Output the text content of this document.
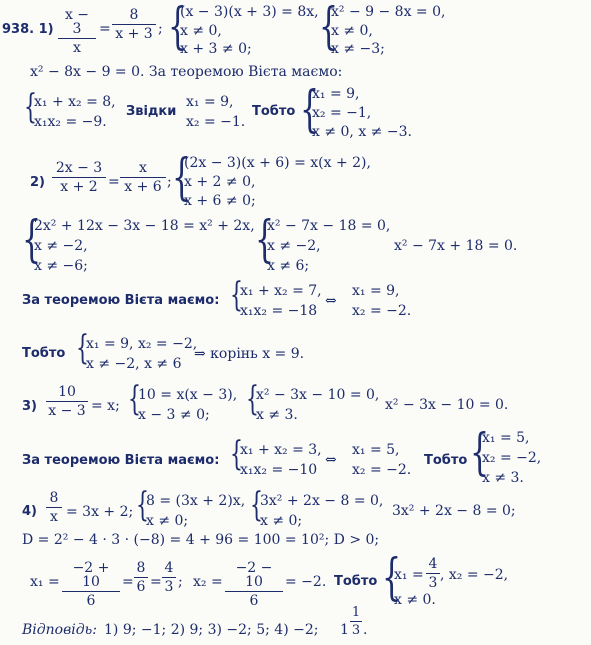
938. 1)
x − 3
x
=
8
x + 3 ; {
(x − 3)(x + 3) = 8x,
x ≠ 0,
x + 3 ≠ 0; {
x² − 9 − 8x = 0,
x ≠ 0,
x ≠ −3;
x² − 8x − 9 = 0. За теоремою Вієта маємо:
{
x₁ + x₂ = 8,
x₁x₂ = −9.
Звідки
x₁ = 9,
x₂ = −1.
Тобто {
x₁ = 9,
x₂ = −1,
x ≠ 0, x ≠ −3.
2)
2x − 3
x + 2 =
x
x + 6 ; {
(2x − 3)(x + 6) = x(x + 2),
x + 2 ≠ 0,
x + 6 ≠ 0;
{
2x² + 12x − 3x − 18 = x² + 2x,
x ≠ −2,
x ≠ −6;	{
x² − 7x − 18 = 0,
x ≠ −2,
x ≠ 6;
x² − 7x + 18 = 0.
За теоремою Вієта маємо: {
x₁ + x₂ = 7,
x₁x₂ = −18
⇔
x₁ = 9,
x₂ = −2.
Тобто {
x₁ = 9, x₂ = −2,
x ≠ −2, x ≠ 6
⇒ корінь x = 9.
3)
10
x − 3 = x; {
10 = x(x − 3),
x − 3 ≠ 0; {
x² − 3x − 10 = 0,
x ≠ 3.
x² − 3x − 10 = 0.
За теоремою Вієта маємо: {
x₁ + x₂ = 3,
x₁x₂ = −10
⇔
x₁ = 5,
x₂ = −2.
Тобто {
x₁ = 5,
x₂ = −2,
x ≠ 3.
4)
8
x = 3x + 2; {
8 = (3x + 2)x,
x ≠ 0; {
3x² + 2x − 8 = 0,
x ≠ 0;
3x² + 2x − 8 = 0;
D = 2² − 4 · 3 · (−8) = 4 + 96 = 100 = 10²; D > 0;
x₁ =
−2 + 10
6
=
8
6 =
4
3 ; x₂ =
−2 − 10
6
= −2. Тобто {
x₁ =
4
3 , x₂ = −2,
x ≠ 0.
Відповідь: 1) 9; −1; 2) 9; 3) −2; 5; 4) −2; 1
1
3 .
